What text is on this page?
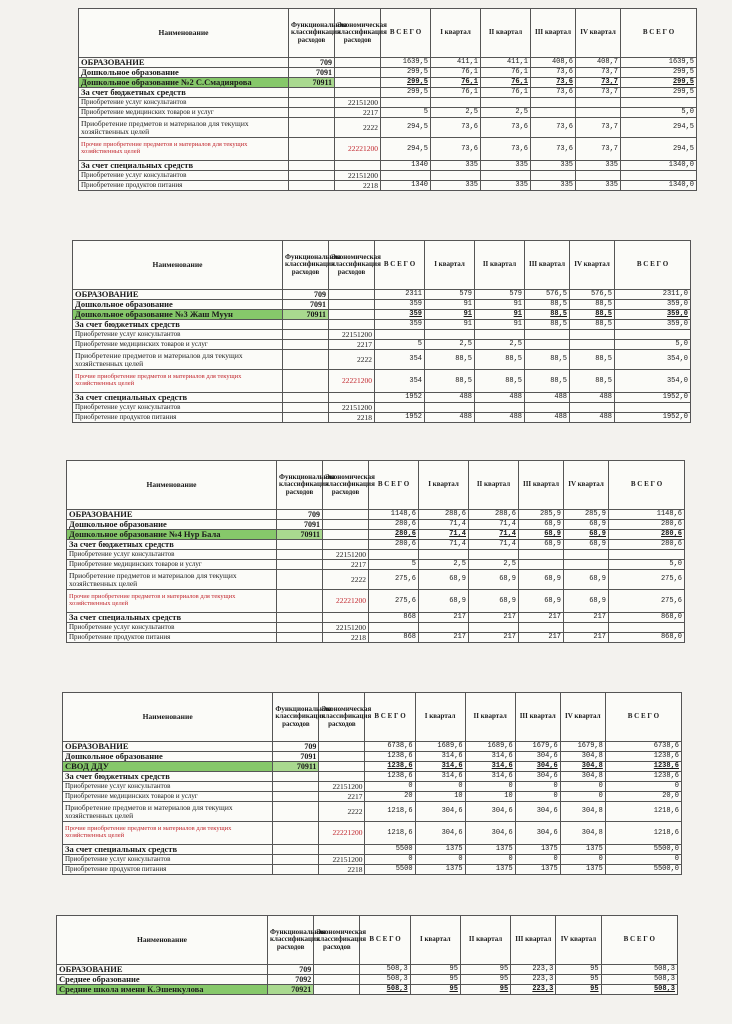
Наименование	Функциональная классификация расходов	Экономическая классификация расходов	В С Е Г О	I квартал	II квартал	III квартал	IV квартал	В С Е Г О
ОБРАЗОВАНИЕ	709		1639,5	411,1	411,1	408,6	408,7	1639,5
Дошкольное образование	7091		299,5	76,1	76,1	73,6	73,7	299,5
Дошкольное образование №2 С.Смадиярова	70911		299,5	76,1	76,1	73,6	73,7	299,5
За счет бюджетных средств			299,5	76,1	76,1	73,6	73,7	299,5
Приобретение услуг консультантов		22151200						
Приобретение медицинских товаров и услуг		2217	5	2,5	2,5			5,0
Приобретение предметов и материалов для текущих хозяйственных целей		2222	294,5	73,6	73,6	73,6	73,7	294,5
Прочие приобретение предметов и материалов для текущих хозяйственных целей		22221200	294,5	73,6	73,6	73,6	73,7	294,5
За счет специальных средств			1340	335	335	335	335	1340,0
Приобретение услуг консультантов		22151200						
Приобретение продуктов питания		2218	1340	335	335	335	335	1340,0
Наименование	Функциональная классификация расходов	Экономическая классификация расходов	В С Е Г О	I квартал	II квартал	III квартал	IV квартал	В С Е Г О
ОБРАЗОВАНИЕ	709		2311	579	579	576,5	576,5	2311,0
Дошкольное образование	7091		359	91	91	88,5	88,5	359,0
Дошкольное образование №3 Жаш Муун	70911		359	91	91	88,5	88,5	359,0
За счет бюджетных средств			359	91	91	88,5	88,5	359,0
Приобретение услуг консультантов		22151200						
Приобретение медицинских товаров и услуг		2217	5	2,5	2,5			5,0
Приобретение предметов и материалов для текущих хозяйственных целей		2222	354	88,5	88,5	88,5	88,5	354,0
Прочие приобретение предметов и материалов для текущих хозяйственных целей		22221200	354	88,5	88,5	88,5	88,5	354,0
За счет специальных средств			1952	488	488	488	488	1952,0
Приобретение услуг консультантов		22151200						
Приобретение продуктов питания		2218	1952	488	488	488	488	1952,0
Наименование	Функциональная классификация расходов	Экономическая классификация расходов	В С Е Г О	I квартал	II квартал	III квартал	IV квартал	В С Е Г О
ОБРАЗОВАНИЕ	709		1148,6	288,6	288,6	285,9	285,9	1148,6
Дошкольное образование	7091		280,6	71,4	71,4	68,9	68,9	280,6
Дошкольное образование №4 Нур Бала	70911		280,6	71,4	71,4	68,9	68,9	280,6
За счет бюджетных средств			280,6	71,4	71,4	68,9	68,9	280,6
Приобретение услуг консультантов		22151200						
Приобретение медицинских товаров и услуг		2217	5	2,5	2,5			5,0
Приобретение предметов и материалов для текущих хозяйственных целей		2222	275,6	68,9	68,9	68,9	68,9	275,6
Прочие приобретение предметов и материалов для текущих хозяйственных целей		22221200	275,6	68,9	68,9	68,9	68,9	275,6
За счет специальных средств			868	217	217	217	217	868,0
Приобретение услуг консультантов		22151200						
Приобретение продуктов питания		2218	868	217	217	217	217	868,0
Наименование	Функциональная классификация расходов	Экономическая классификация расходов	В С Е Г О	I квартал	II квартал	III квартал	IV квартал	В С Е Г О
ОБРАЗОВАНИЕ	709		6738,6	1689,6	1689,6	1679,6	1679,8	6738,6
Дошкольное образование	7091		1238,6	314,6	314,6	304,6	304,8	1238,6
СВОД ДДУ	70911		1238,6	314,6	314,6	304,6	304,8	1238,6
За счет бюджетных средств			1238,6	314,6	314,6	304,6	304,8	1238,6
Приобретение услуг консультантов		22151200	0	0	0	0	0	0
Приобретение медицинских товаров и услуг		2217	20	10	10	0	0	20,0
Приобретение предметов и материалов для текущих хозяйственных целей		2222	1218,6	304,6	304,6	304,6	304,8	1218,6
Прочие приобретение предметов и материалов для текущих хозяйственных целей		22221200	1218,6	304,6	304,6	304,6	304,8	1218,6
За счет специальных средств			5500	1375	1375	1375	1375	5500,0
Приобретение услуг консультантов		22151200	0	0	0	0	0	0
Приобретение продуктов питания		2218	5500	1375	1375	1375	1375	5500,0
Наименование	Функциональная классификация расходов	Экономическая классификация расходов	В С Е Г О	I квартал	II квартал	III квартал	IV квартал	В С Е Г О
ОБРАЗОВАНИЕ	709		508,3	95	95	223,3	95	508,3
Среднее образование	7092		508,3	95	95	223,3	95	508,3
Средние школа имени К.Эшенкулова	70921		508,3	95	95	223,3	95	508,3
